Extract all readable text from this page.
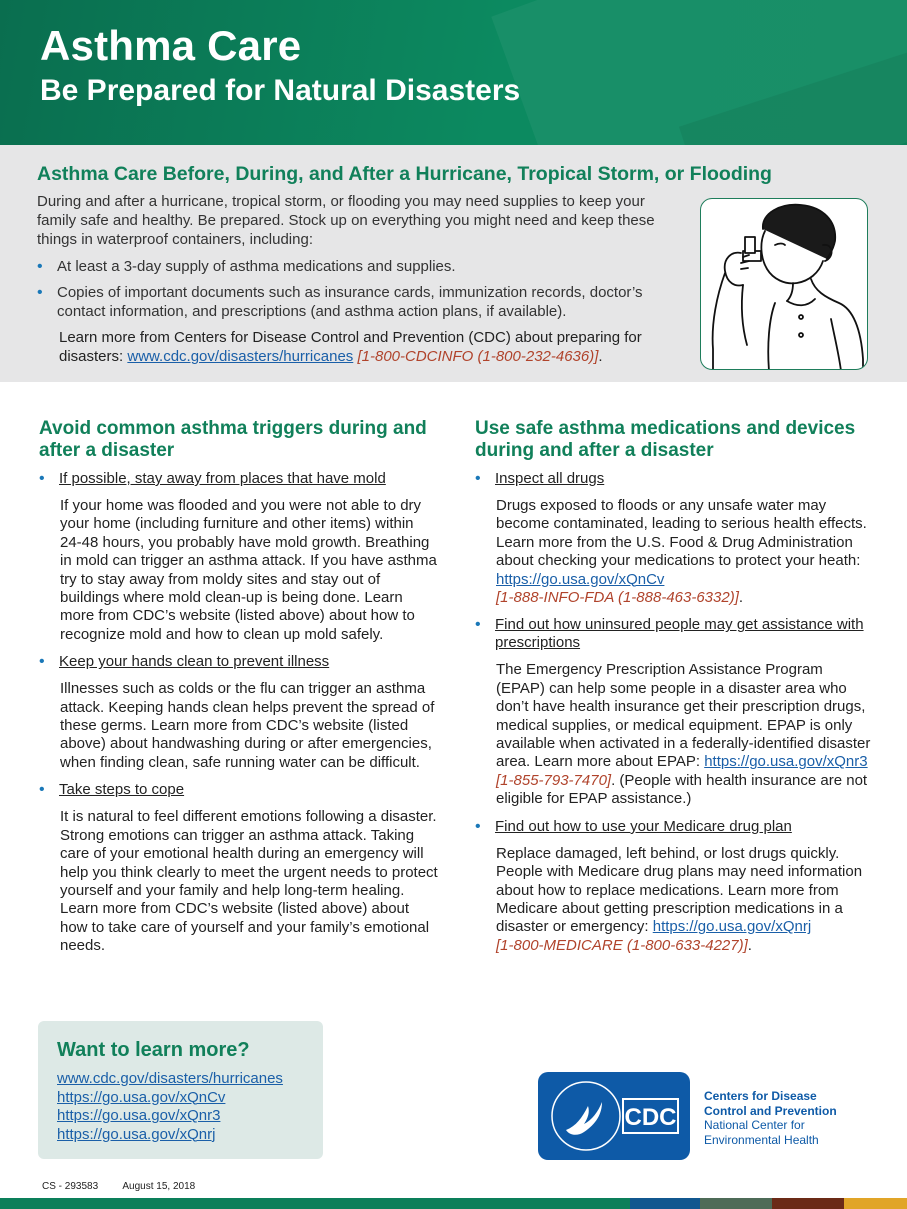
Asthma Care
Be Prepared for Natural Disasters
Asthma Care Before, During, and After a Hurricane, Tropical Storm, or Flooding

During and after a hurricane, tropical storm, or flooding you may need supplies to keep your family safe and healthy. Be prepared. Stock up on everything you might need and keep these things in waterproof containers, including:

• At least a 3-day supply of asthma medications and supplies.
• Copies of important documents such as insurance cards, immunization records, doctor’s contact information, and prescriptions (and asthma action plans, if available).

Learn more from Centers for Disease Control and Prevention (CDC) about preparing for disasters: www.cdc.gov/disasters/hurricanes [1-800-CDCINFO (1-800-232-4636)].

Avoid common asthma triggers during and after a disaster
• If possible, stay away from places that have mold

If your home was flooded and you were not able to dry your home (including furniture and other items) within 24-48 hours, you probably have mold growth. Breathing in mold can trigger an asthma attack. If you have asthma try to stay away from moldy sites and stay out of buildings where mold clean-up is being done. Learn more from CDC’s website (listed above) about how to recognize mold and how to clean up mold safely.

• Keep your hands clean to prevent illness

Illnesses such as colds or the flu can trigger an asthma attack. Keeping hands clean helps prevent the spread of these germs. Learn more from CDC’s website (listed above) about handwashing during or after emergencies, when finding clean, safe running water can be difficult.

• Take steps to cope

It is natural to feel different emotions following a disaster. Strong emotions can trigger an asthma attack. Taking care of your emotional health during an emergency will help you think clearly to meet the urgent needs to protect yourself and your family and help long-term healing. Learn more from CDC’s website (listed above) about how to take care of yourself and your family’s emotional needs.

Use safe asthma medications and devices during and after a disaster
• Inspect all drugs

Drugs exposed to floods or any unsafe water may become contaminated, leading to serious health effects. Learn more from the U.S. Food & Drug Administration about checking your medications to protect your heath: https://go.usa.gov/xQnCv
[1-888-INFO-FDA (1-888-463-6332)].

• Find out how uninsured people may get assistance with prescriptions

The Emergency Prescription Assistance Program (EPAP) can help some people in a disaster area who don’t have health insurance get their prescription drugs, medical supplies, or medical equipment. EPAP is only available when activated in a federally-identified disaster area. Learn more about EPAP: https://go.usa.gov/xQnr3
[1-855-793-7470]. (People with health insurance are not eligible for EPAP assistance.)

• Find out how to use your Medicare drug plan

Replace damaged, left behind, or lost drugs quickly. People with Medicare drug plans may need information about how to replace medications. Learn more from Medicare about getting prescription medications in a disaster or emergency: https://go.usa.gov/xQnrj
[1-800-MEDICARE (1-800-633-4227)].

Want to learn more?
www.cdc.gov/disasters/hurricanes
https://go.usa.gov/xQnCv
https://go.usa.gov/xQnr3
https://go.usa.gov/xQnrj
CDC
Centers for Disease
Control and Prevention
National Center for
Environmental Health
CS - 293583 August 15, 2018
